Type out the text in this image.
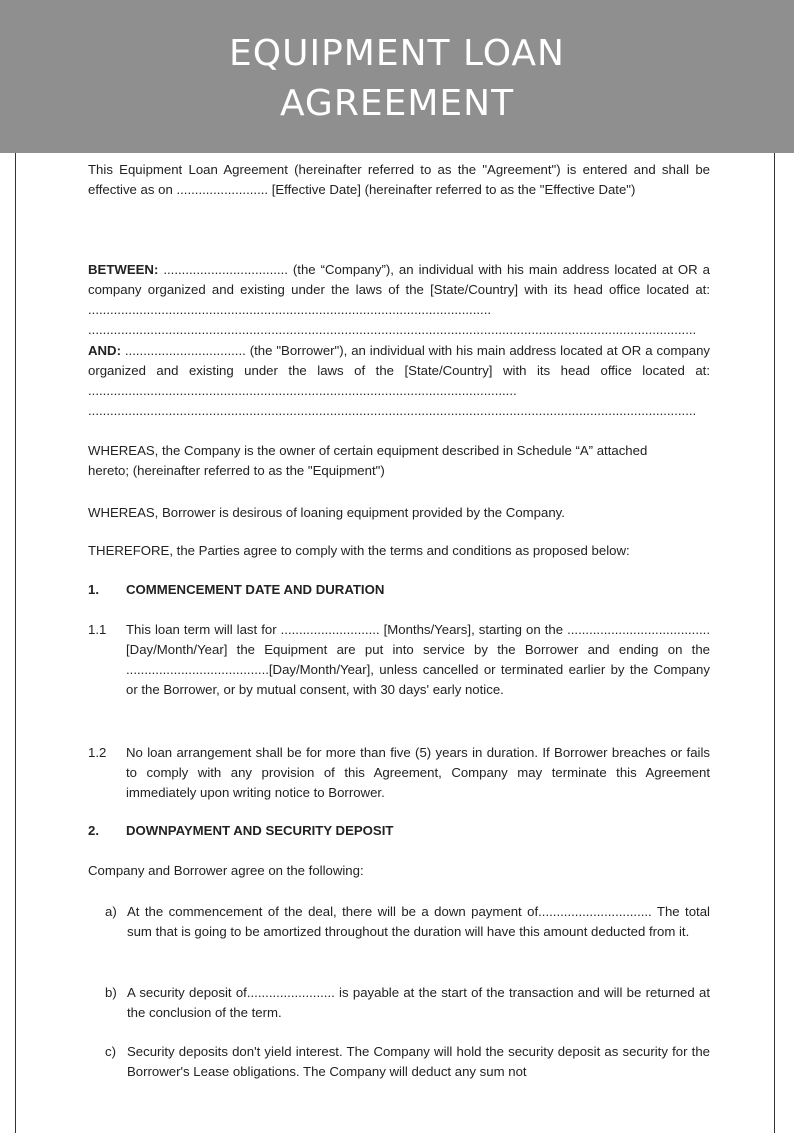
EQUIPMENT LOAN
AGREEMENT
This Equipment Loan Agreement (hereinafter referred to as the "Agreement") is entered and shall be effective as on ......................... [Effective Date] (hereinafter referred to as the "Effective Date")
BETWEEN: .................................. (the “Company”), an individual with his main address located at OR a company organized and existing under the laws of the [State/Country] with its head office located at: ..............................................................................................................
......................................................................................................................................................................
AND: ................................. (the "Borrower"), an individual with his main address located at OR a company organized and existing under the laws of the [State/Country] with its head office located at: .....................................................................................................................
......................................................................................................................................................................
WHEREAS, the Company is the owner of certain equipment described in Schedule “A” attached hereto; (hereinafter referred to as the "Equipment")
WHEREAS, Borrower is desirous of loaning equipment provided by the Company.
THEREFORE, the Parties agree to comply with the terms and conditions as proposed below:
1.	COMMENCEMENT DATE AND DURATION
1.1	This loan term will last for ........................... [Months/Years], starting on the .......................................[Day/Month/Year] the Equipment are put into service by the Borrower and ending on the .......................................[Day/Month/Year], unless cancelled or terminated earlier by the Company or the Borrower, or by mutual consent, with 30 days' early notice.
1.2	No loan arrangement shall be for more than five (5) years in duration. If Borrower breaches or fails to comply with any provision of this Agreement, Company may terminate this Agreement immediately upon writing notice to Borrower.
2.	DOWNPAYMENT AND SECURITY DEPOSIT
Company and Borrower agree on the following:
a) At the commencement of the deal, there will be a down payment of............................... The total sum that is going to be amortized throughout the duration will have this amount deducted from it.
b) A security deposit of........................ is payable at the start of the transaction and will be returned at the conclusion of the term.
c) Security deposits don't yield interest. The Company will hold the security deposit as security for the Borrower's Lease obligations. The Company will deduct any sum not
